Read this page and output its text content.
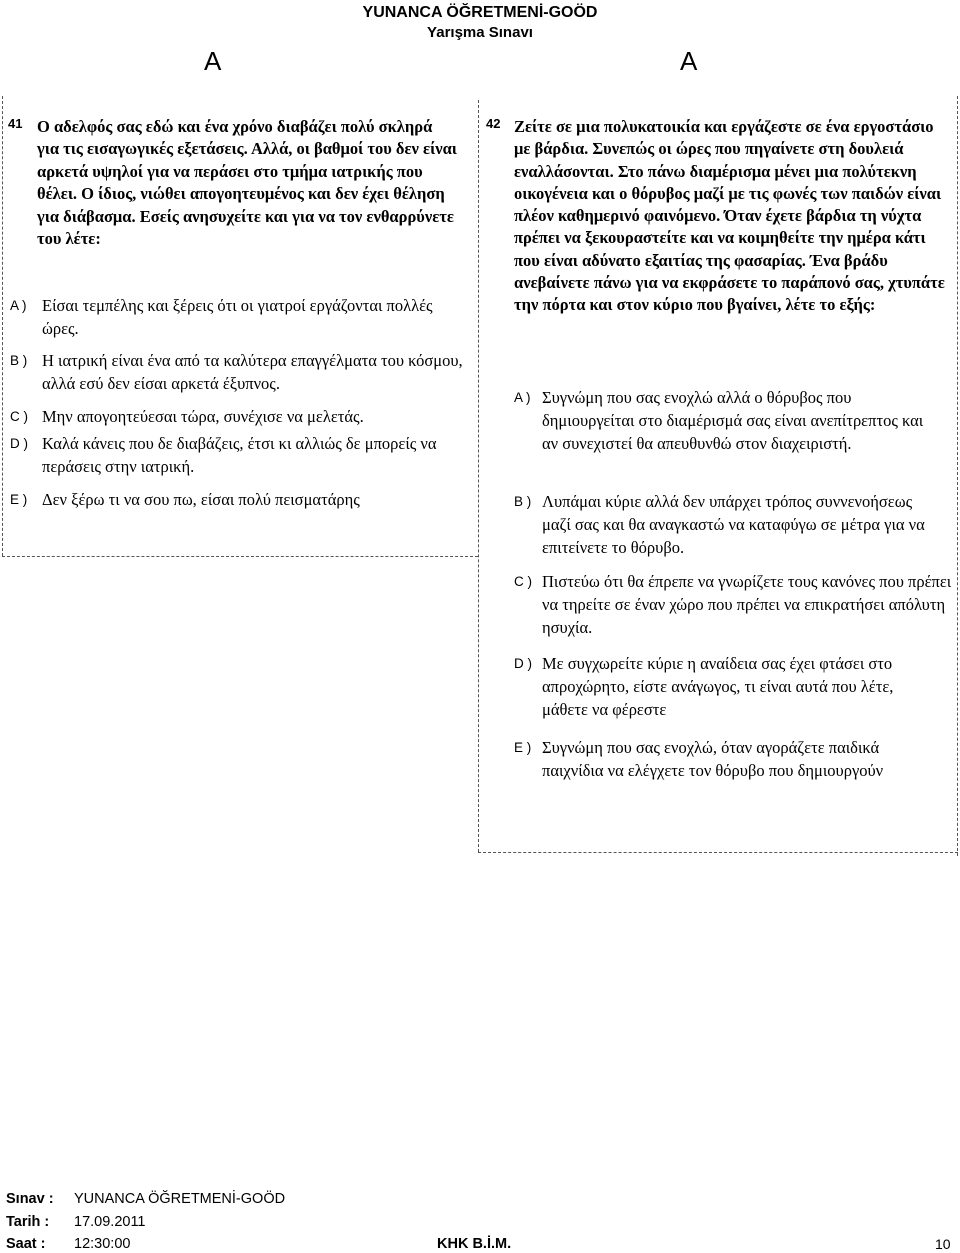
YUNANCA ÖĞRETMENİ-GOÖD
Yarışma Sınavı
A	A
41 Ο αδελφός σας εδώ και ένα χρόνο διαβάζει πολύ σκληρά για τις εισαγωγικές εξετάσεις. Αλλά, οι βαθμοί του δεν είναι αρκετά υψηλοί για να περάσει στο τμήμα ιατρικής που θέλει. Ο ίδιος, νιώθει απογοητευμένος και δεν έχει θέληση για διάβασμα. Εσείς ανησυχείτε και για να τον ενθαρρύνετε του λέτε:
A ) Είσαι τεμπέλης και ξέρεις ότι οι γιατροί εργάζονται πολλές ώρες.
B ) Η ιατρική είναι ένα από τα καλύτερα επαγγέλματα του κόσμου, αλλά εσύ δεν είσαι αρκετά έξυπνος.
C ) Μην απογοητεύεσαι τώρα, συνέχισε να μελετάς.
D ) Καλά κάνεις που δε διαβάζεις, έτσι κι αλλιώς δε μπορείς να περάσεις στην ιατρική.
E ) Δεν ξέρω τι να σου πω, είσαι πολύ πεισματάρης
42 Ζείτε σε μια πολυκατοικία και εργάζεστε σε ένα εργοστάσιο με βάρδια. Συνεπώς οι ώρες που πηγαίνετε στη δουλειά εναλλάσονται. Στο πάνω διαμέρισμα μένει μια πολύτεκνη οικογένεια και ο θόρυβος μαζί με τις φωνές των παιδών είναι πλέον καθημερινό φαινόμενο. Όταν έχετε βάρδια τη νύχτα πρέπει να ξεκουραστείτε και να κοιμηθείτε την ημέρα κάτι που είναι αδύνατο εξαιτίας της φασαρίας. Ένα βράδυ ανεβαίνετε πάνω για να εκφράσετε το παράπονό σας, χτυπάτε την πόρτα και στον κύριο που βγαίνει, λέτε το εξής:
A ) Συγνώμη που σας ενοχλώ αλλά ο θόρυβος που δημιουργείται στο διαμέρισμά σας είναι ανεπίτρεπτος και αν συνεχιστεί θα απευθυνθώ στον διαχειριστή.
B ) Λυπάμαι κύριε αλλά δεν υπάρχει τρόπος συννενοήσεως μαζί σας και θα αναγκαστώ να καταφύγω σε μέτρα για να επιτείνετε το θόρυβο.
C ) Πιστεύω ότι θα έπρεπε να γνωρίζετε τους κανόνες που πρέπει να τηρείτε σε έναν χώρο που πρέπει να επικρατήσει απόλυτη ησυχία.
D ) Με συγχωρείτε κύριε η αναίδεια σας έχει φτάσει στο απροχώρητο, είστε ανάγωγος, τι είναι αυτά που λέτε, μάθετε να φέρεστε
E ) Συγνώμη που σας ενοχλώ, όταν αγοράζετε παιδικά παιχνίδια να ελέγχετε τον θόρυβο που δημιουργούν
Sınav : YUNANCA ÖĞRETMENİ-GOÖD
Tarih : 17.09.2011
Saat : 12:30:00	KHK B.İ.M.	10
